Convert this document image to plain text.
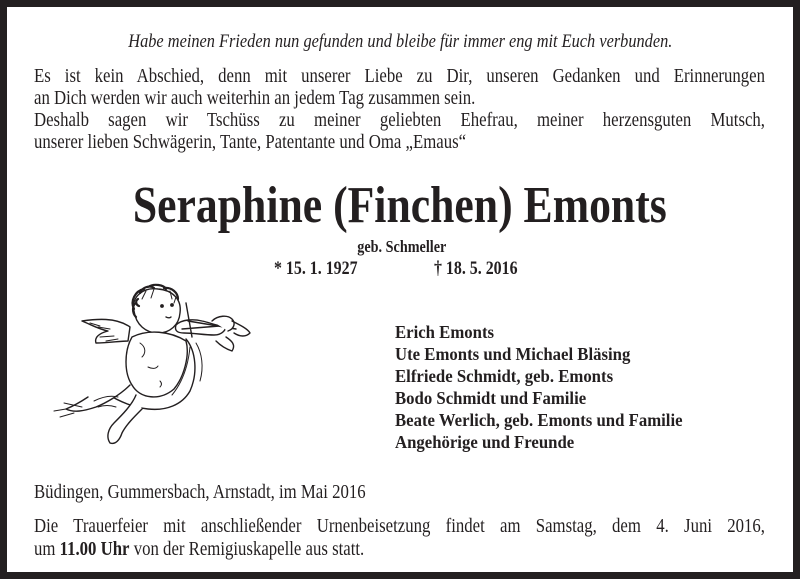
Habe meinen Frieden nun gefunden und bleibe für immer eng mit Euch verbunden.
Es ist kein Abschied, denn mit unserer Liebe zu Dir, unseren Gedanken und Erinnerungen
an Dich werden wir auch weiterhin an jedem Tag zusammen sein.
Deshalb sagen wir Tschüss zu meiner geliebten Ehefrau, meiner herzensguten Mutsch,
unserer lieben Schwägerin, Tante, Patentante und Oma „Emaus“
Seraphine (Finchen) Emonts
geb. Schmeller
* 15. 1. 1927	† 18. 5. 2016
Erich Emonts
Ute Emonts und Michael Bläsing
Elfriede Schmidt, geb. Emonts
Bodo Schmidt und Familie
Beate Werlich, geb. Emonts und Familie
Angehörige und Freunde
Büdingen, Gummersbach, Arnstadt, im Mai 2016
Die Trauerfeier mit anschließender Urnenbeisetzung findet am Samstag, dem 4. Juni 2016,
um 11.00 Uhr von der Remigiuskapelle aus statt.
